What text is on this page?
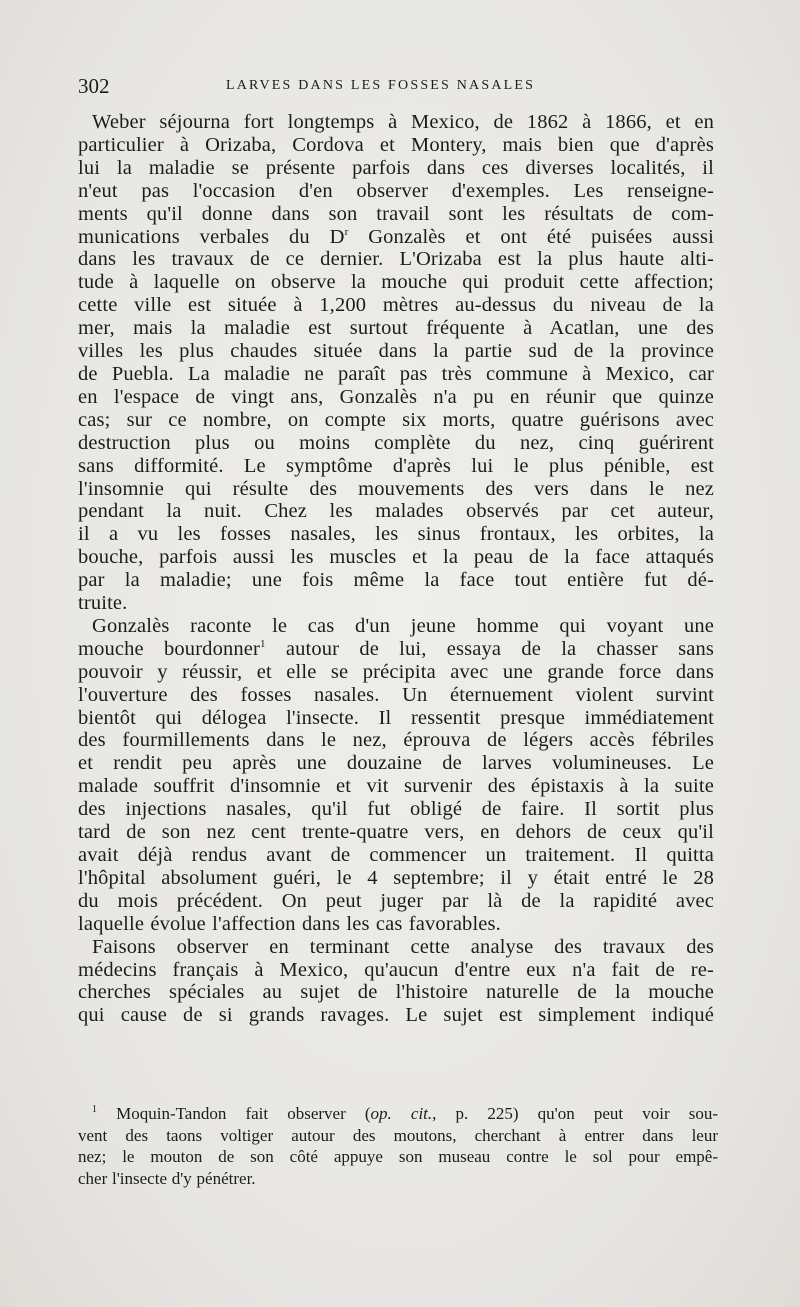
302	LARVES DANS LES FOSSES NASALES
Weber séjourna fort longtemps à Mexico, de 1862 à 1866, et en
particulier à Orizaba, Cordova et Montery, mais bien que d'après
lui la maladie se présente parfois dans ces diverses localités, il
n'eut pas l'occasion d'en observer d'exemples. Les renseigne-
ments qu'il donne dans son travail sont les résultats de com-
munications verbales du $D^r$ Gonzalès et ont été puisées aussi
dans les travaux de ce dernier. L'Orizaba est la plus haute alti-
tude à laquelle on observe la mouche qui produit cette affection;
cette ville est située à 1,200 mètres au-dessus du niveau de la
mer, mais la maladie est surtout fréquente à Acatlan, une des
villes les plus chaudes située dans la partie sud de la province
de Puebla. La maladie ne paraît pas très commune à Mexico, car
en l'espace de vingt ans, Gonzalès n'a pu en réunir que quinze
cas; sur ce nombre, on compte six morts, quatre guérisons avec
destruction plus ou moins complète du nez, cinq guérirent
sans difformité. Le symptôme d'après lui le plus pénible, est
l'insomnie qui résulte des mouvements des vers dans le nez
pendant la nuit. Chez les malades observés par cet auteur,
il a vu les fosses nasales, les sinus frontaux, les orbites, la
bouche, parfois aussi les muscles et la peau de la face attaqués
par la maladie; une fois même la face tout entière fut dé-
truite.
Gonzalès raconte le cas d'un jeune homme qui voyant une
mouche bourdonner$^1$ autour de lui, essaya de la chasser sans
pouvoir y réussir, et elle se précipita avec une grande force dans
l'ouverture des fosses nasales. Un éternuement violent survint
bientôt qui délogea l'insecte. Il ressentit presque immédiatement
des fourmillements dans le nez, éprouva de légers accès fébriles
et rendit peu après une douzaine de larves volumineuses. Le
malade souffrit d'insomnie et vit survenir des épistaxis à la suite
des injections nasales, qu'il fut obligé de faire. Il sortit plus
tard de son nez cent trente-quatre vers, en dehors de ceux qu'il
avait déjà rendus avant de commencer un traitement. Il quitta
l'hôpital absolument guéri, le 4 septembre; il y était entré le 28
du mois précédent. On peut juger par là de la rapidité avec
laquelle évolue l'affection dans les cas favorables.
Faisons observer en terminant cette analyse des travaux des
médecins français à Mexico, qu'aucun d'entre eux n'a fait de re-
cherches spéciales au sujet de l'histoire naturelle de la mouche
qui cause de si grands ravages. Le sujet est simplement indiqué
$^1$ Moquin-Tandon fait observer (op. cit., p. 225) qu'on peut voir sou-
vent des taons voltiger autour des moutons, cherchant à entrer dans leur
nez; le mouton de son côté appuye son museau contre le sol pour empê-
cher l'insecte d'y pénétrer.
